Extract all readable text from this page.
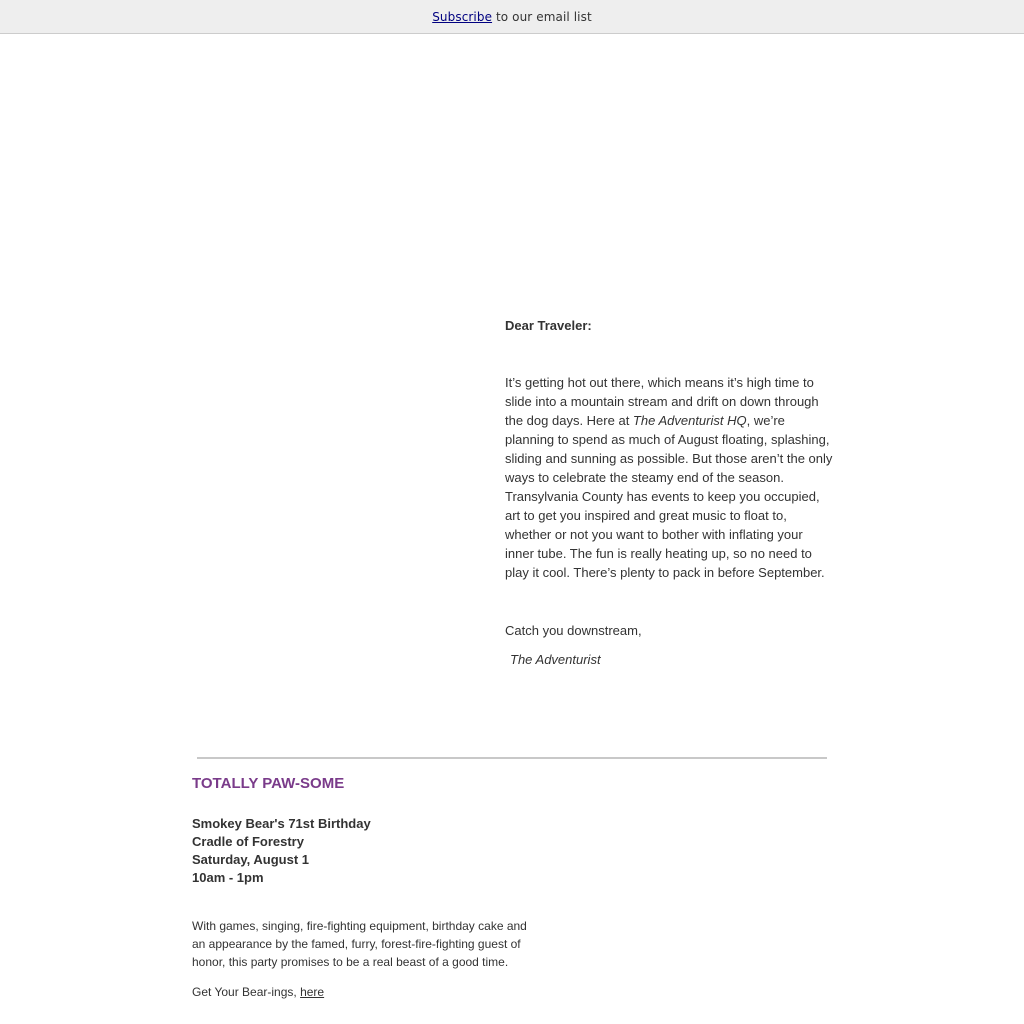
Subscribe to our email list

Dear Traveler:

It’s getting hot out there, which means it’s high time to slide into a mountain stream and drift on down through the dog days. Here at The Adventurist HQ, we’re planning to spend as much of August floating, splashing, sliding and sunning as possible. But those aren’t the only ways to celebrate the steamy end of the season. Transylvania County has events to keep you occupied, art to get you inspired and great music to float to, whether or not you want to bother with inflating your inner tube. The fun is really heating up, so no need to play it cool. There’s plenty to pack in before September.

Catch you downstream,

The Adventurist

TOTALLY PAW-SOME
Smokey Bear's 71st Birthday
Cradle of Forestry
Saturday, August 1
10am - 1pm

With games, singing, fire-fighting equipment, birthday cake and an appearance by the famed, furry, forest-fire-fighting guest of honor, this party promises to be a real beast of a good time.

Get Your Bear-ings, here
